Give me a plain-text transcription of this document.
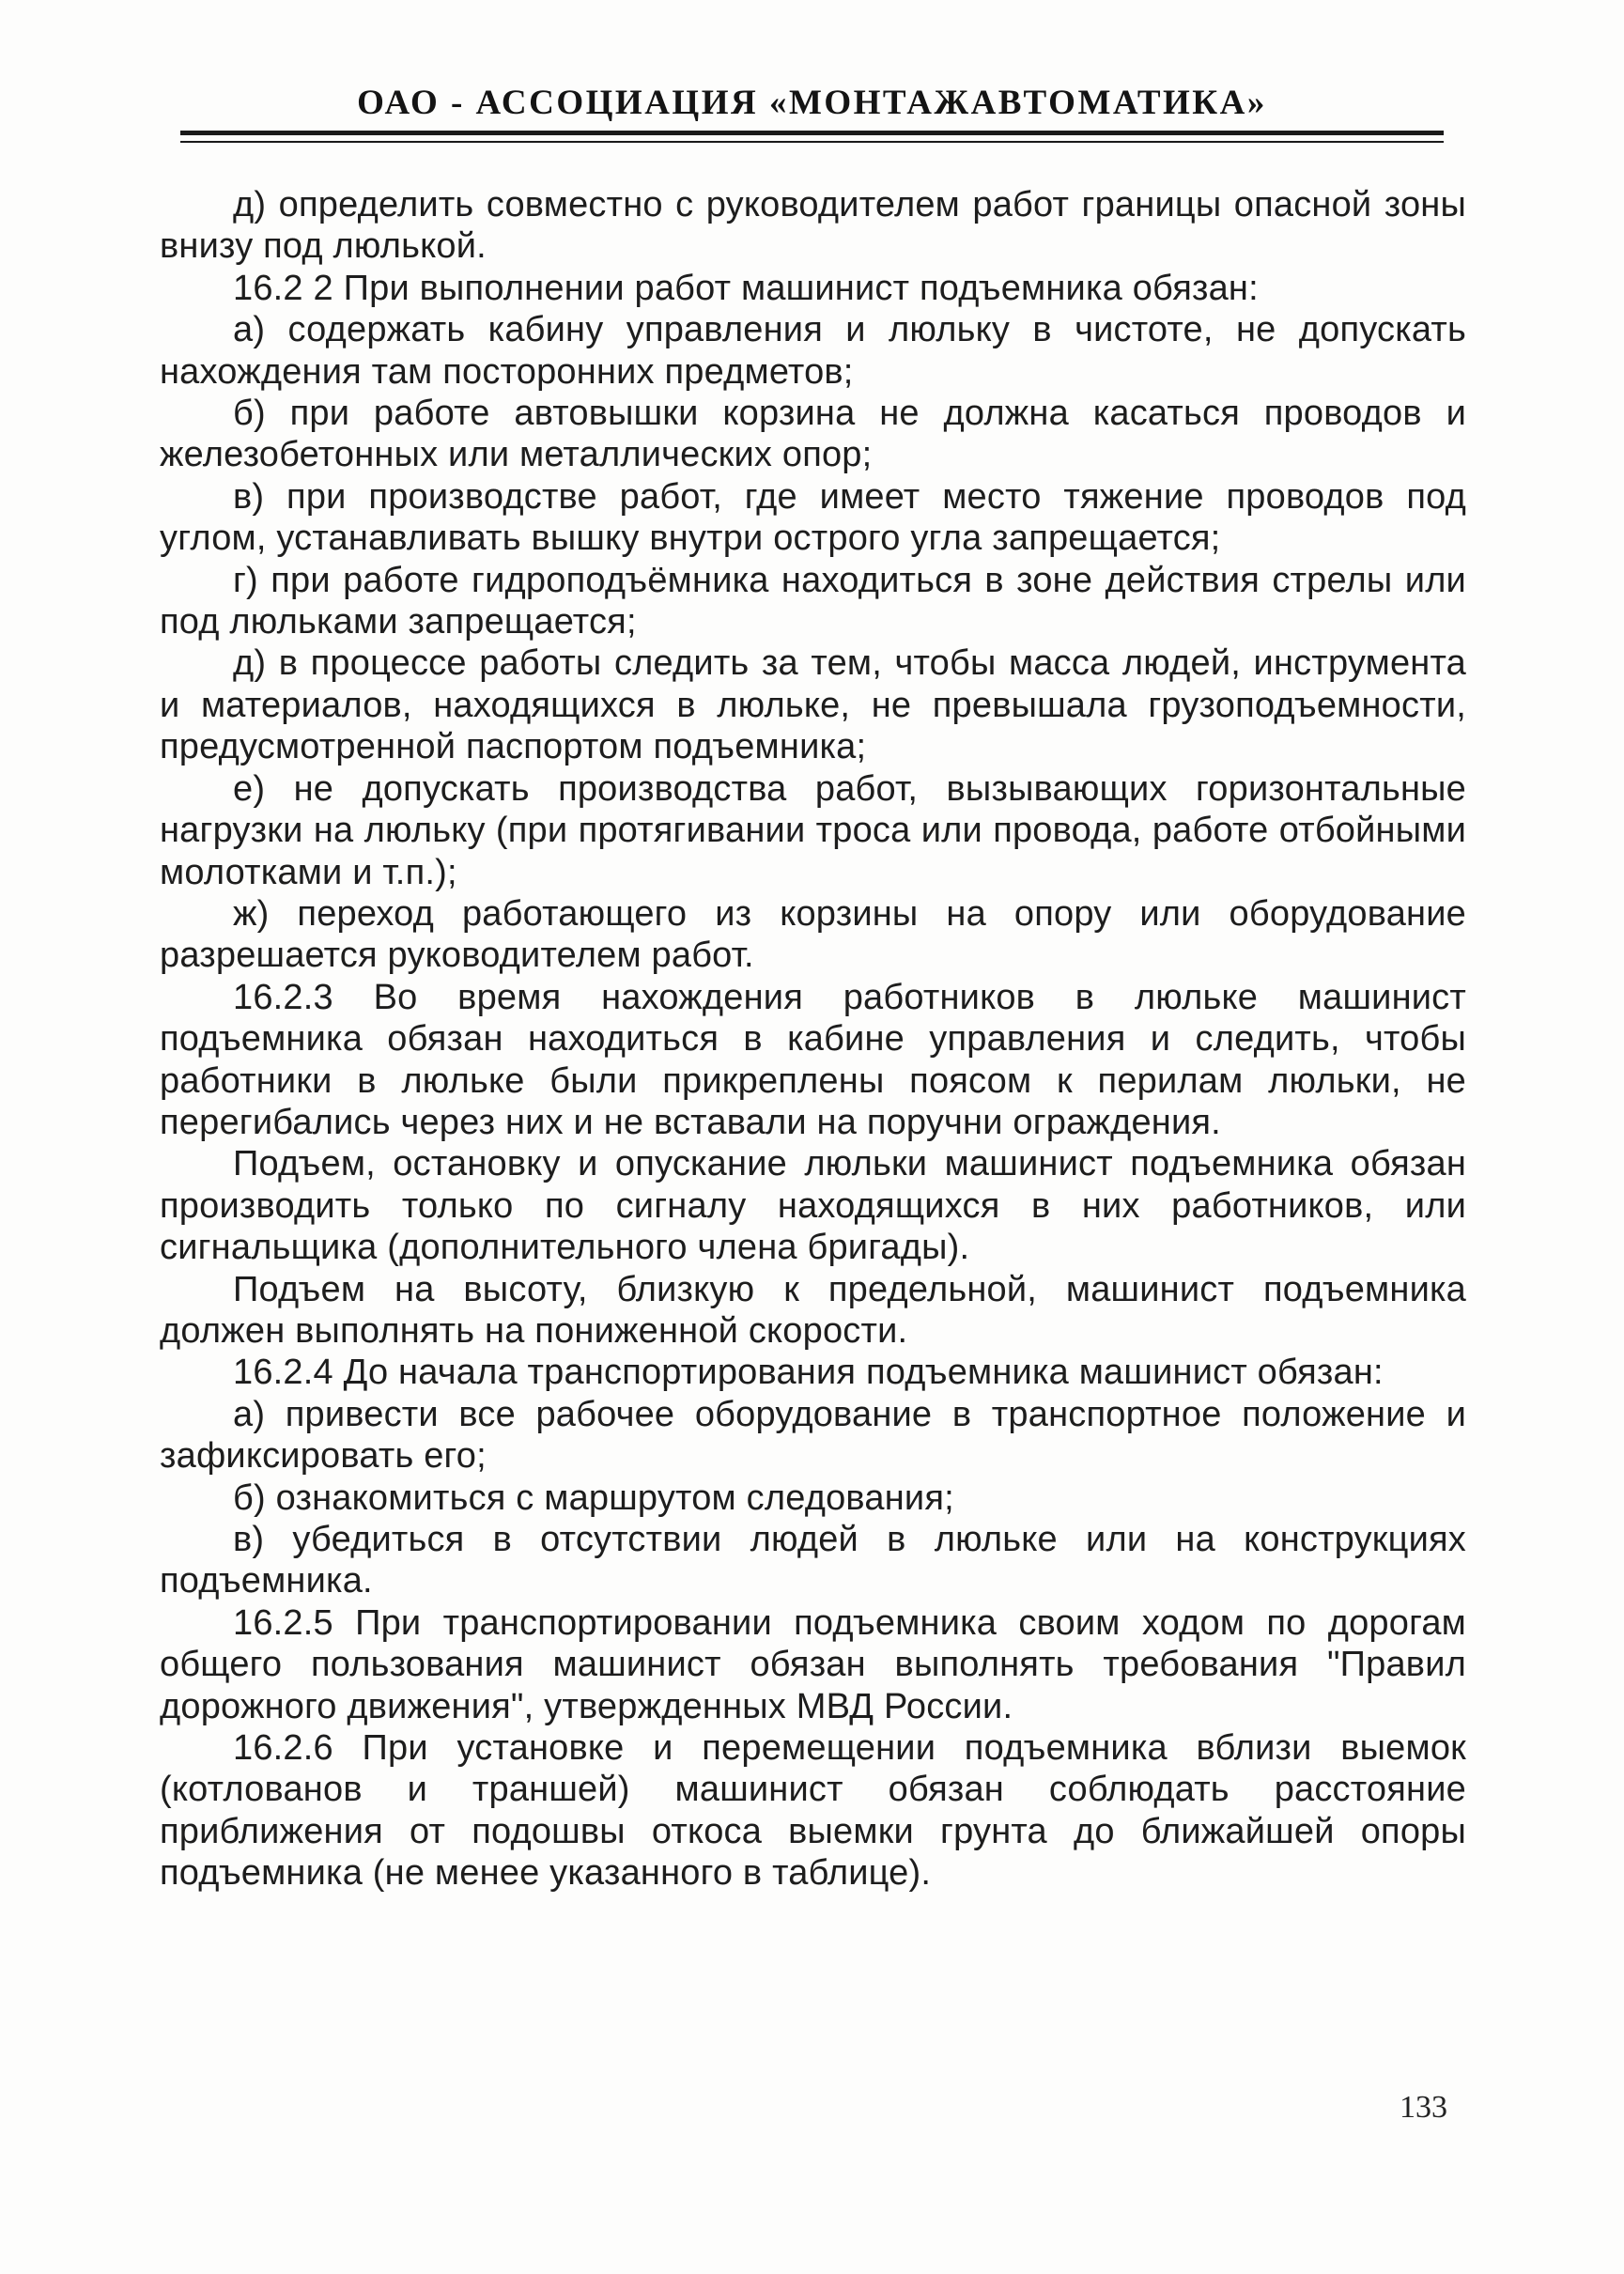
ОАО - АССОЦИАЦИЯ «МОНТАЖАВТОМАТИКА»

д) определить совместно с руководителем работ границы опасной зоны внизу под люлькой.

16.2 2 При выполнении работ машинист подъемника обязан:

а) содержать кабину управления и люльку в чистоте, не допускать нахождения там посторонних предметов;

б) при работе автовышки корзина не должна касаться проводов и железобетонных или металлических опор;

в) при производстве работ, где имеет место тяжение проводов под углом, устанавливать вышку внутри острого угла запрещается;

г) при работе гидроподъёмника находиться в зоне действия стрелы или под люльками запрещается;

д) в процессе работы следить за тем, чтобы масса людей, инструмента и материалов, находящихся в люльке, не превышала грузоподъемности, предусмотренной паспортом подъемника;

е) не допускать производства работ, вызывающих горизонтальные нагрузки на люльку (при протягивании троса или провода, работе отбойными молотками и т.п.);

ж) переход работающего из корзины на опору или оборудование разрешается руководителем работ.

16.2.3 Во время нахождения работников в люльке машинист подъемника обязан находиться в кабине управления и следить, чтобы работники в люльке были прикреплены поясом к перилам люльки, не перегибались через них и не вставали на поручни ограждения.

Подъем, остановку и опускание люльки машинист подъемника обязан производить только по сигналу находящихся в них работников, или сигнальщика (дополнительного члена бригады).

Подъем на высоту, близкую к предельной, машинист подъемника должен выполнять на пониженной скорости.

16.2.4 До начала транспортирования подъемника машинист обязан:

а) привести все рабочее оборудование в транспортное положение и зафиксировать его;

б) ознакомиться с маршрутом следования;

в) убедиться в отсутствии людей в люльке или на конструкциях подъемника.

16.2.5 При транспортировании подъемника своим ходом по дорогам общего пользования машинист обязан выполнять требования "Правил дорожного движения", утвержденных МВД России.

16.2.6 При установке и перемещении подъемника вблизи выемок (котлованов и траншей) машинист обязан соблюдать расстояние приближения от подошвы откоса выемки грунта до ближайшей опоры подъемника (не менее указанного в таблице).

133
